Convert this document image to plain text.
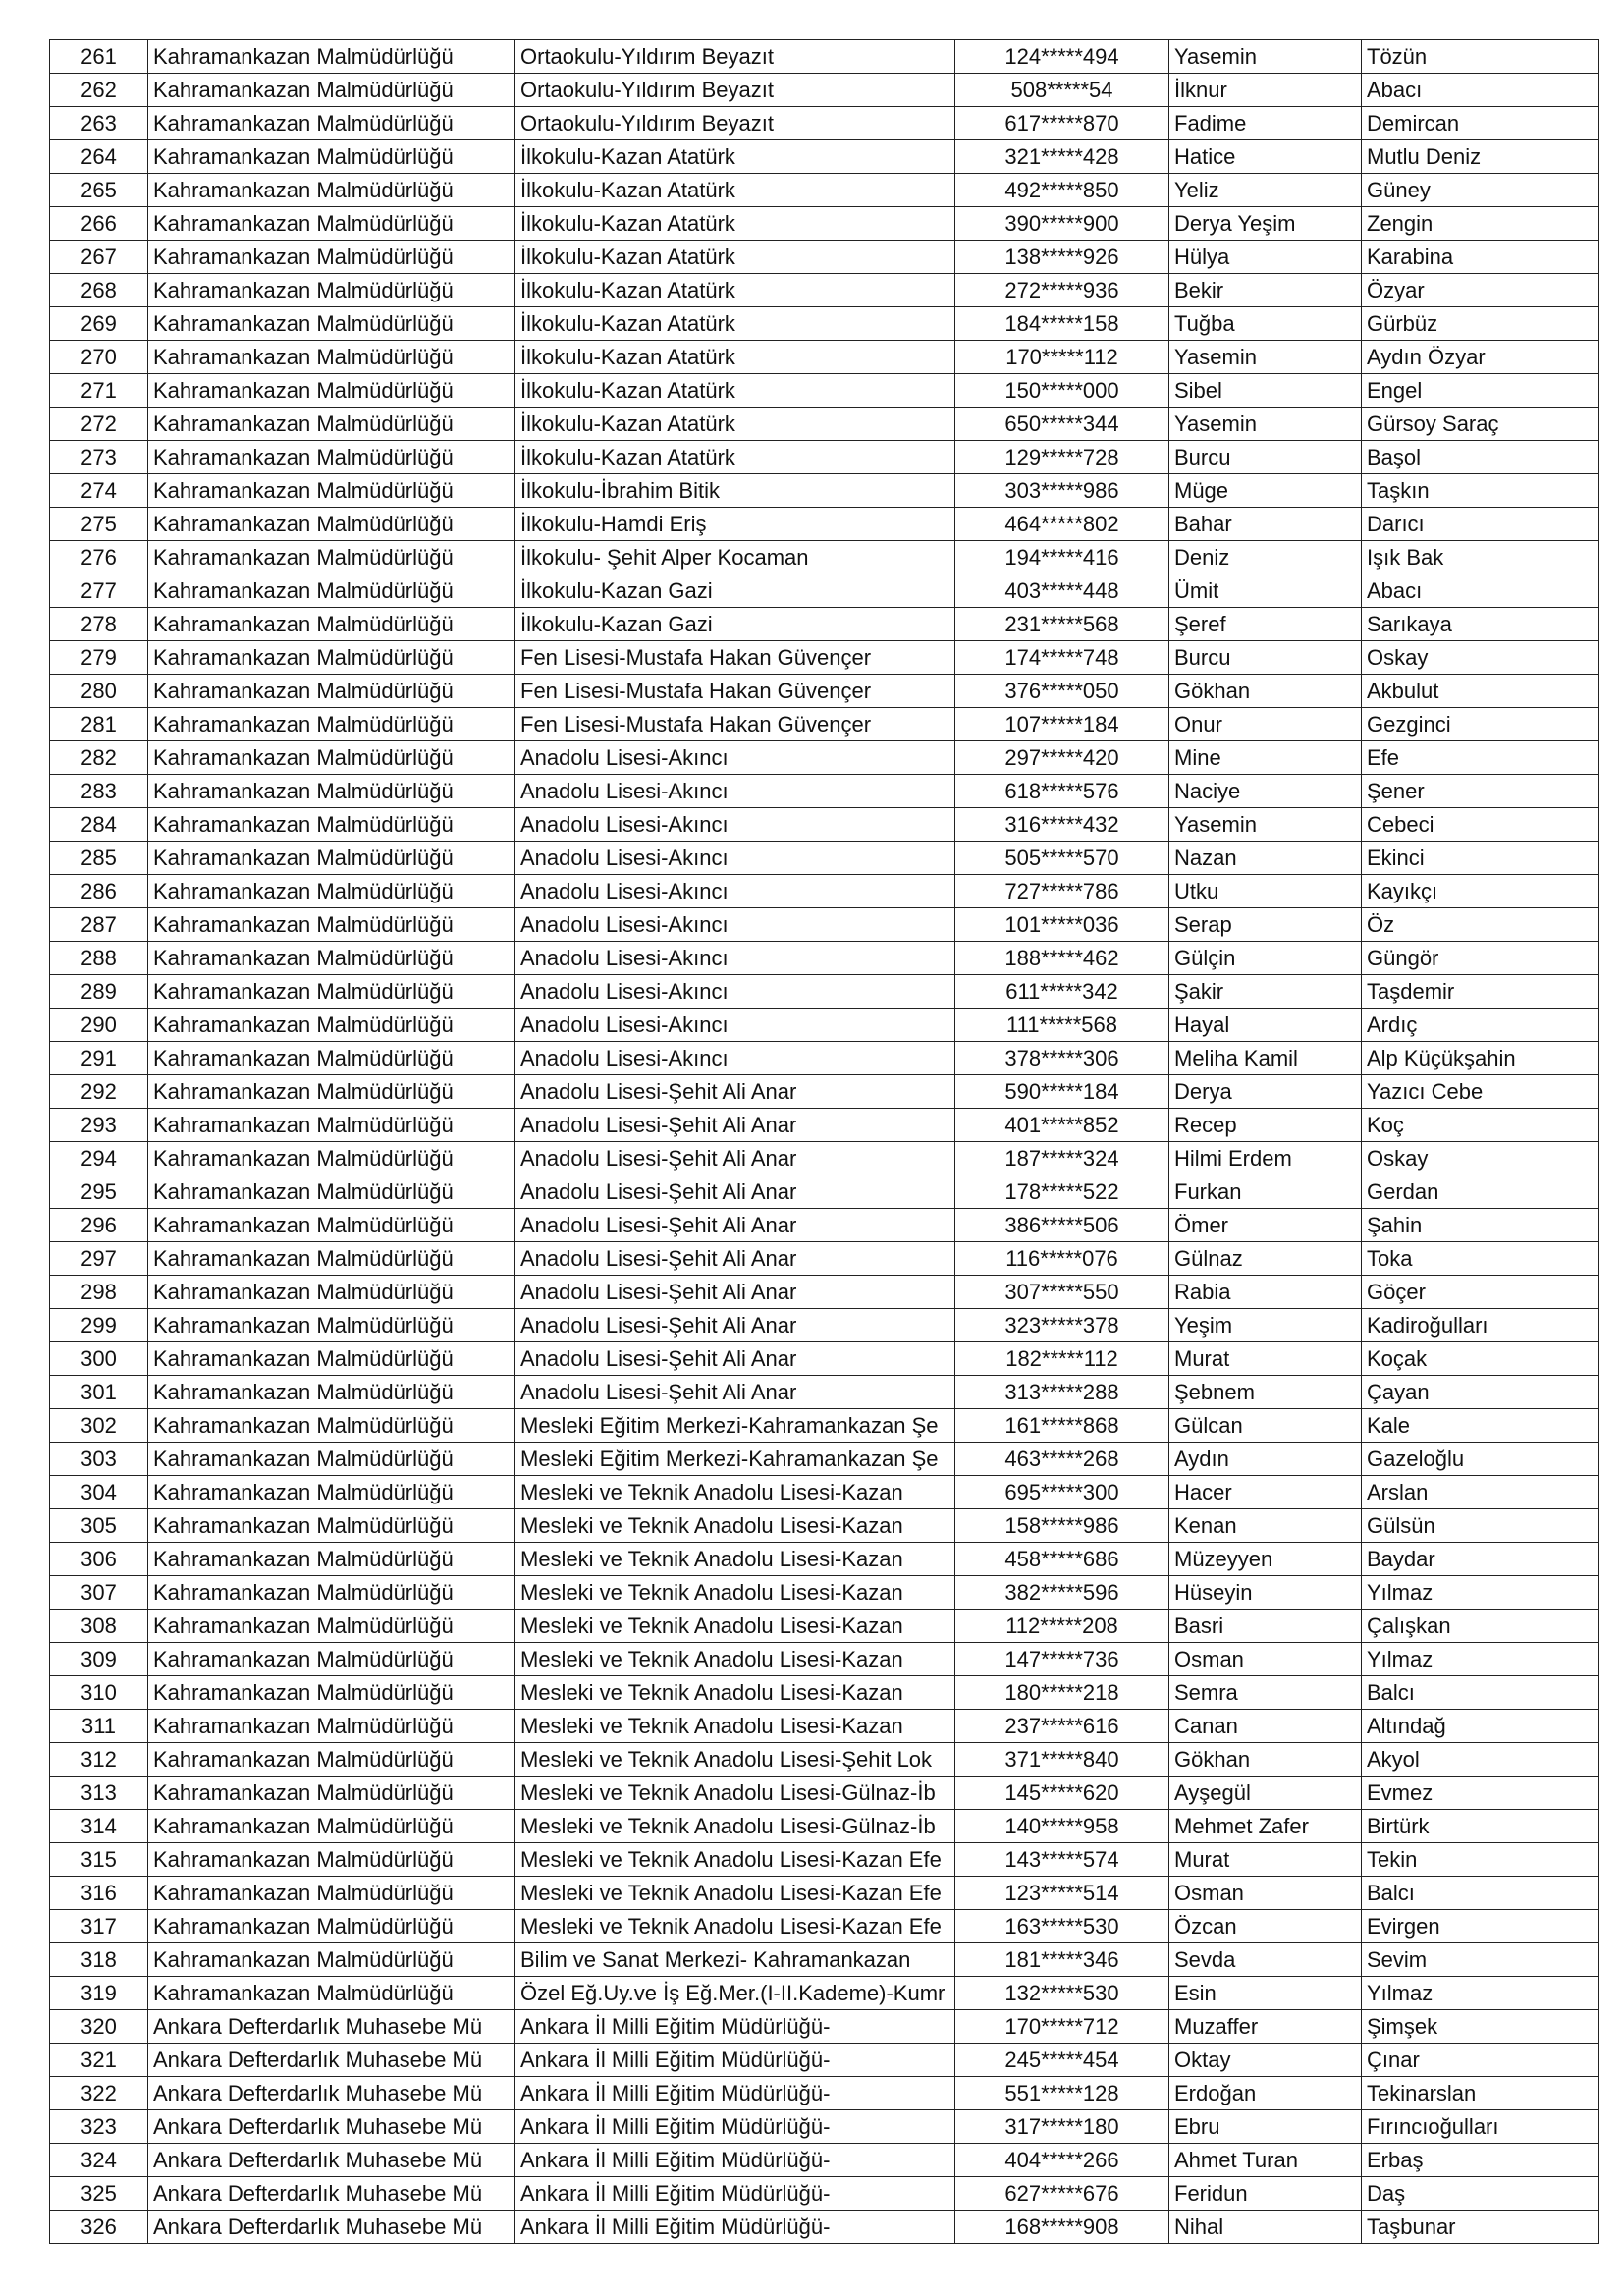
261	Kahramankazan Malmüdürlüğü	Ortaokulu-Yıldırım Beyazıt	124*****494	Yasemin	Tözün
262	Kahramankazan Malmüdürlüğü	Ortaokulu-Yıldırım Beyazıt	508*****54	İlknur	Abacı
263	Kahramankazan Malmüdürlüğü	Ortaokulu-Yıldırım Beyazıt	617*****870	Fadime	Demircan
264	Kahramankazan Malmüdürlüğü	İlkokulu-Kazan Atatürk	321*****428	Hatice	Mutlu Deniz
265	Kahramankazan Malmüdürlüğü	İlkokulu-Kazan Atatürk	492*****850	Yeliz	Güney
266	Kahramankazan Malmüdürlüğü	İlkokulu-Kazan Atatürk	390*****900	Derya Yeşim	Zengin
267	Kahramankazan Malmüdürlüğü	İlkokulu-Kazan Atatürk	138*****926	Hülya	Karabina
268	Kahramankazan Malmüdürlüğü	İlkokulu-Kazan Atatürk	272*****936	Bekir	Özyar
269	Kahramankazan Malmüdürlüğü	İlkokulu-Kazan Atatürk	184*****158	Tuğba	Gürbüz
270	Kahramankazan Malmüdürlüğü	İlkokulu-Kazan Atatürk	170*****112	Yasemin	Aydın Özyar
271	Kahramankazan Malmüdürlüğü	İlkokulu-Kazan Atatürk	150*****000	Sibel	Engel
272	Kahramankazan Malmüdürlüğü	İlkokulu-Kazan Atatürk	650*****344	Yasemin	Gürsoy Saraç
273	Kahramankazan Malmüdürlüğü	İlkokulu-Kazan Atatürk	129*****728	Burcu	Başol
274	Kahramankazan Malmüdürlüğü	İlkokulu-İbrahim Bitik	303*****986	Müge	Taşkın
275	Kahramankazan Malmüdürlüğü	İlkokulu-Hamdi Eriş	464*****802	Bahar	Darıcı
276	Kahramankazan Malmüdürlüğü	İlkokulu- Şehit Alper Kocaman	194*****416	Deniz	Işık Bak
277	Kahramankazan Malmüdürlüğü	İlkokulu-Kazan Gazi	403*****448	Ümit	Abacı
278	Kahramankazan Malmüdürlüğü	İlkokulu-Kazan Gazi	231*****568	Şeref	Sarıkaya
279	Kahramankazan Malmüdürlüğü	Fen Lisesi-Mustafa Hakan Güvençer	174*****748	Burcu	Oskay
280	Kahramankazan Malmüdürlüğü	Fen Lisesi-Mustafa Hakan Güvençer	376*****050	Gökhan	Akbulut
281	Kahramankazan Malmüdürlüğü	Fen Lisesi-Mustafa Hakan Güvençer	107*****184	Onur	Gezginci
282	Kahramankazan Malmüdürlüğü	Anadolu Lisesi-Akıncı	297*****420	Mine	Efe
283	Kahramankazan Malmüdürlüğü	Anadolu Lisesi-Akıncı	618*****576	Naciye	Şener
284	Kahramankazan Malmüdürlüğü	Anadolu Lisesi-Akıncı	316*****432	Yasemin	Cebeci
285	Kahramankazan Malmüdürlüğü	Anadolu Lisesi-Akıncı	505*****570	Nazan	Ekinci
286	Kahramankazan Malmüdürlüğü	Anadolu Lisesi-Akıncı	727*****786	Utku	Kayıkçı
287	Kahramankazan Malmüdürlüğü	Anadolu Lisesi-Akıncı	101*****036	Serap	Öz
288	Kahramankazan Malmüdürlüğü	Anadolu Lisesi-Akıncı	188*****462	Gülçin	Güngör
289	Kahramankazan Malmüdürlüğü	Anadolu Lisesi-Akıncı	611*****342	Şakir	Taşdemir
290	Kahramankazan Malmüdürlüğü	Anadolu Lisesi-Akıncı	111*****568	Hayal	Ardıç
291	Kahramankazan Malmüdürlüğü	Anadolu Lisesi-Akıncı	378*****306	Meliha Kamil	Alp Küçükşahin
292	Kahramankazan Malmüdürlüğü	Anadolu Lisesi-Şehit Ali Anar	590*****184	Derya	Yazıcı Cebe
293	Kahramankazan Malmüdürlüğü	Anadolu Lisesi-Şehit Ali Anar	401*****852	Recep	Koç
294	Kahramankazan Malmüdürlüğü	Anadolu Lisesi-Şehit Ali Anar	187*****324	Hilmi Erdem	Oskay
295	Kahramankazan Malmüdürlüğü	Anadolu Lisesi-Şehit Ali Anar	178*****522	Furkan	Gerdan
296	Kahramankazan Malmüdürlüğü	Anadolu Lisesi-Şehit Ali Anar	386*****506	Ömer	Şahin
297	Kahramankazan Malmüdürlüğü	Anadolu Lisesi-Şehit Ali Anar	116*****076	Gülnaz	Toka
298	Kahramankazan Malmüdürlüğü	Anadolu Lisesi-Şehit Ali Anar	307*****550	Rabia	Göçer
299	Kahramankazan Malmüdürlüğü	Anadolu Lisesi-Şehit Ali Anar	323*****378	Yeşim	Kadiroğulları
300	Kahramankazan Malmüdürlüğü	Anadolu Lisesi-Şehit Ali Anar	182*****112	Murat	Koçak
301	Kahramankazan Malmüdürlüğü	Anadolu Lisesi-Şehit Ali Anar	313*****288	Şebnem	Çayan
302	Kahramankazan Malmüdürlüğü	Mesleki Eğitim Merkezi-Kahramankazan Şe	161*****868	Gülcan	Kale
303	Kahramankazan Malmüdürlüğü	Mesleki Eğitim Merkezi-Kahramankazan Şe	463*****268	Aydın	Gazeloğlu
304	Kahramankazan Malmüdürlüğü	Mesleki ve Teknik Anadolu Lisesi-Kazan	695*****300	Hacer	Arslan
305	Kahramankazan Malmüdürlüğü	Mesleki ve Teknik Anadolu Lisesi-Kazan	158*****986	Kenan	Gülsün
306	Kahramankazan Malmüdürlüğü	Mesleki ve Teknik Anadolu Lisesi-Kazan	458*****686	Müzeyyen	Baydar
307	Kahramankazan Malmüdürlüğü	Mesleki ve Teknik Anadolu Lisesi-Kazan	382*****596	Hüseyin	Yılmaz
308	Kahramankazan Malmüdürlüğü	Mesleki ve Teknik Anadolu Lisesi-Kazan	112*****208	Basri	Çalışkan
309	Kahramankazan Malmüdürlüğü	Mesleki ve Teknik Anadolu Lisesi-Kazan	147*****736	Osman	Yılmaz
310	Kahramankazan Malmüdürlüğü	Mesleki ve Teknik Anadolu Lisesi-Kazan	180*****218	Semra	Balcı
311	Kahramankazan Malmüdürlüğü	Mesleki ve Teknik Anadolu Lisesi-Kazan	237*****616	Canan	Altındağ
312	Kahramankazan Malmüdürlüğü	Mesleki ve Teknik Anadolu Lisesi-Şehit Lok	371*****840	Gökhan	Akyol
313	Kahramankazan Malmüdürlüğü	Mesleki ve Teknik Anadolu Lisesi-Gülnaz-İb	145*****620	Ayşegül	Evmez
314	Kahramankazan Malmüdürlüğü	Mesleki ve Teknik Anadolu Lisesi-Gülnaz-İb	140*****958	Mehmet Zafer	Birtürk
315	Kahramankazan Malmüdürlüğü	Mesleki ve Teknik Anadolu Lisesi-Kazan Efe	143*****574	Murat	Tekin
316	Kahramankazan Malmüdürlüğü	Mesleki ve Teknik Anadolu Lisesi-Kazan Efe	123*****514	Osman	Balcı
317	Kahramankazan Malmüdürlüğü	Mesleki ve Teknik Anadolu Lisesi-Kazan Efe	163*****530	Özcan	Evirgen
318	Kahramankazan Malmüdürlüğü	Bilim ve Sanat Merkezi- Kahramankazan	181*****346	Sevda	Sevim
319	Kahramankazan Malmüdürlüğü	Özel Eğ.Uy.ve İş Eğ.Mer.(I-II.Kademe)-Kumr	132*****530	Esin	Yılmaz
320	Ankara Defterdarlık Muhasebe Mü	Ankara İl Milli Eğitim Müdürlüğü-	170*****712	Muzaffer	Şimşek
321	Ankara Defterdarlık Muhasebe Mü	Ankara İl Milli Eğitim Müdürlüğü-	245*****454	Oktay	Çınar
322	Ankara Defterdarlık Muhasebe Mü	Ankara İl Milli Eğitim Müdürlüğü-	551*****128	Erdoğan	Tekinarslan
323	Ankara Defterdarlık Muhasebe Mü	Ankara İl Milli Eğitim Müdürlüğü-	317*****180	Ebru	Fırıncıoğulları
324	Ankara Defterdarlık Muhasebe Mü	Ankara İl Milli Eğitim Müdürlüğü-	404*****266	Ahmet Turan	Erbaş
325	Ankara Defterdarlık Muhasebe Mü	Ankara İl Milli Eğitim Müdürlüğü-	627*****676	Feridun	Daş
326	Ankara Defterdarlık Muhasebe Mü	Ankara İl Milli Eğitim Müdürlüğü-	168*****908	Nihal	Taşbunar
